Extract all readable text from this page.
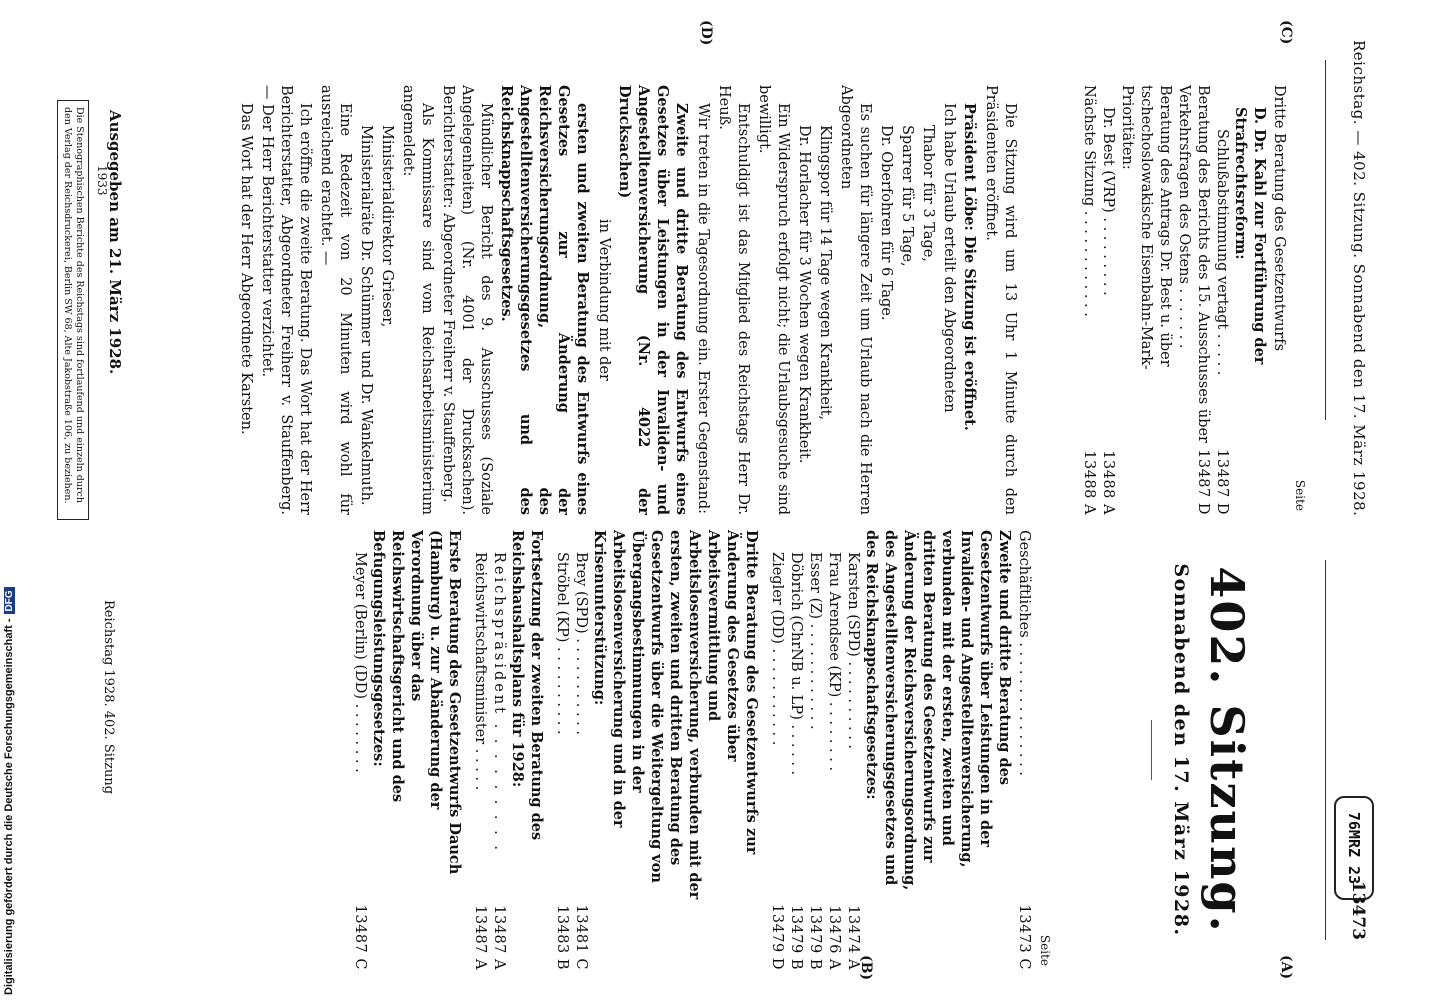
Reichstag. — 402. Sitzung. Sonnabend den 17. März 1928.
76MRZ 23
13473
(A)
(B)
(C)
(D)
Seite
Dritte Beratung des Gesetzentwurfs
D. Dr. Kahl zur Fortführung der Strafrechtsreform:
Schlußabstimmung vertagt . . . . .
13487 D
Beratung des Berichts des 15. Ausschusses über Verkehrsfragen des Ostens . . . . . . .
13487 D
Beratung des Antrags Dr. Best u. über tschechoslowakische Eisenbahn-Mark-Prioritäten:
Dr. Best (VRP) . . . . . . . . .
13488 A
Nächste Sitzung . . . . . . . . . . . .
13488 A

Die Sitzung wird um 13 Uhr 1 Minute durch den Präsidenten eröffnet.

Präsident Löbe: Die Sitzung ist eröffnet.

Ich habe Urlaub erteilt den Abgeordneten

Thabor für 3 Tage,

Sparrer für 5 Tage,

Dr. Oberfohren für 6 Tage.

Es suchen für längere Zeit um Urlaub nach die Herren Abgeordneten

Klingspor für 14 Tage wegen Krankheit,

Dr. Horlacher für 3 Wochen wegen Krankheit.

Ein Widerspruch erfolgt nicht; die Urlaubsgesuche sind bewilligt.

Entschuldigt ist das Mitglied des Reichstags Herr Dr. Heuß.

Wir treten in die Tagesordnung ein. Erster Gegenstand:

Zweite und dritte Beratung des Entwurfs eines Gesetzes über Leistungen in der Invaliden- und Angestelltenversicherung (Nr. 4022 der Drucksachen)

in Verbindung mit der

ersten und zweiten Beratung des Entwurfs eines Gesetzes zur Änderung der Reichsversicherungsordnung, des Angestelltenversicherungsgesetzes und des Reichsknappschaftsgesetzes.

Mündlicher Bericht des 9. Ausschusses (Soziale Angelegenheiten) (Nr. 4001 der Drucksachen). Berichterstatter: Abgeordneter Freiherr v. Stauffenberg.

Als Kommissare sind vom Reichsarbeitsministerium angemeldet:

Ministerialdirektor Grieser,

Ministerialräte Dr. Schümmer und Dr. Wankelmuth.

Eine Redezeit von 20 Minuten wird wohl für ausreichend erachtet. —

Ich eröffne die zweite Beratung. Das Wort hat der Herr Berichterstatter, Abgeordneter Freiherr v. Stauffenberg. — Der Herr Berichterstatter verzichtet.

Das Wort hat der Herr Abgeordnete Karsten.

402. Sitzung.
Sonnabend den 17. März 1928.
Seite
Geschäftliches . . . . . . . . . . . . . . .
13473 C
Zweite und dritte Beratung des Gesetzentwurfs über Leistungen in der Invaliden- und Angestelltenversicherung, verbunden mit der ersten, zweiten und dritten Beratung des Gesetzentwurfs zur Änderung der Reichsversicherungsordnung, des Angestelltenversicherungsgesetzes und des Reichsknappschaftsgesetzes:
Karsten (SPD) . . . . . . . . . .
13474 A
Frau Arendsee (KP) . . . . . . . .
13476 A
Esser (Z) . . . . . . . . . . . .
13479 B
Döbrich (ChrNB u. LP) . . . . . .
13479 B
Ziegler (DD) . . . . . . . . . . .
13479 D
Dritte Beratung des Gesetzentwurfs zur Änderung des Gesetzes über Arbeitsvermittlung und Arbeitslosenversicherung, verbunden mit der ersten, zweiten und dritten Beratung des Gesetzentwurfs über die Weitergeltung von Übergangsbestimmungen in der Arbeitslosenversicherung und in der Krisenunterstützung:
Brey (SPD) . . . . . . . . . . .
13481 C
Ströbel (KP) . . . . . . . . . .
13483 B
Fortsetzung der zweiten Beratung des Reichshaushaltsplans für 1928:
Reichspräsident . . . . . . . . .
13487 A
Reichswirtschaftsminister . . . . .
13487 A
Erste Beratung des Gesetzentwurfs Dauch (Hamburg) u. zur Abänderung der Verordnung über das Reichswirtschaftsgericht und des Befugungsleistungsgesetzes:
Meyer (Berlin) (DD) . . . . . . . .
13487 C
Ausgegeben am 21. März 1928.
1933
Die Stenographischen Berichte des Reichstags sind fortlaufend und einzeln durch den Verlag der Reichsdruckerei, Berlin SW 68, Alte Jakobstraße 106, zu beziehen.
Reichstag 1928. 402. Sitzung
Digitalisierung gefördert durch die Deutsche Forschungsgemeinschaft -DFG
